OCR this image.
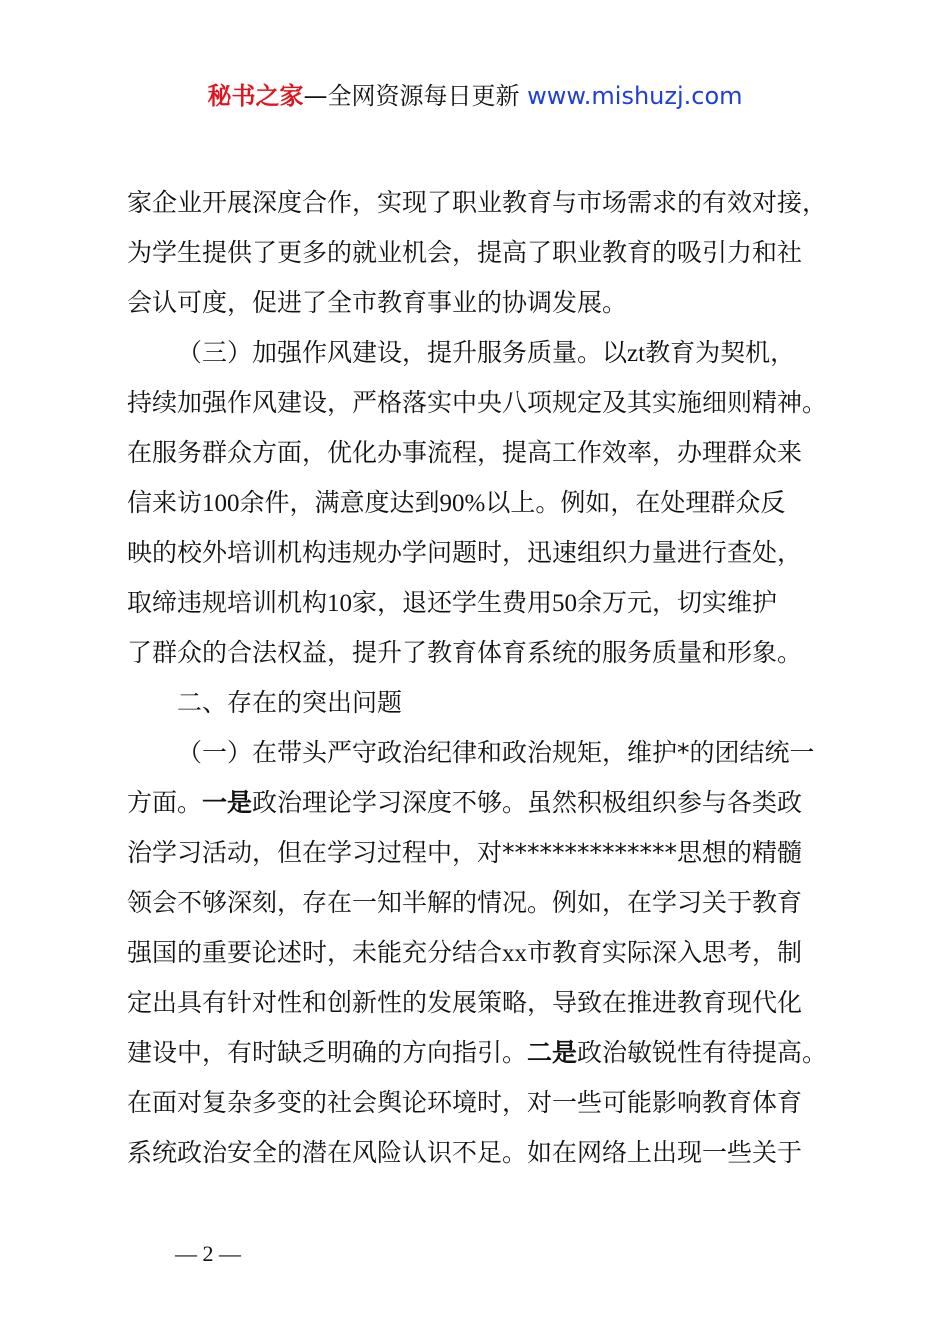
秘书之家—全网资源每日更新 www.mishuzj.com
家企业开展深度合作，实现了职业教育与市场需求的有效对接，
为学生提供了更多的就业机会，提高了职业教育的吸引力和社
会认可度，促进了全市教育事业的协调发展。
（三）加强作风建设，提升服务质量。以zt教育为契机，
持续加强作风建设，严格落实中央八项规定及其实施细则精神。
在服务群众方面，优化办事流程，提高工作效率，办理群众来
信来访100余件，满意度达到90%以上。例如，在处理群众反
映的校外培训机构违规办学问题时，迅速组织力量进行查处，
取缔违规培训机构10家，退还学生费用50余万元，切实维护
了群众的合法权益，提升了教育体育系统的服务质量和形象。
二、存在的突出问题
（一）在带头严守政治纪律和政治规矩，维护*的团结统一
方面。一是政治理论学习深度不够。虽然积极组织参与各类政
治学习活动，但在学习过程中，对**************思想的精髓
领会不够深刻，存在一知半解的情况。例如，在学习关于教育
强国的重要论述时，未能充分结合xx市教育实际深入思考，制
定出具有针对性和创新性的发展策略，导致在推进教育现代化
建设中，有时缺乏明确的方向指引。二是政治敏锐性有待提高。
在面对复杂多变的社会舆论环境时，对一些可能影响教育体育
系统政治安全的潜在风险认识不足。如在网络上出现一些关于
— 2 —
